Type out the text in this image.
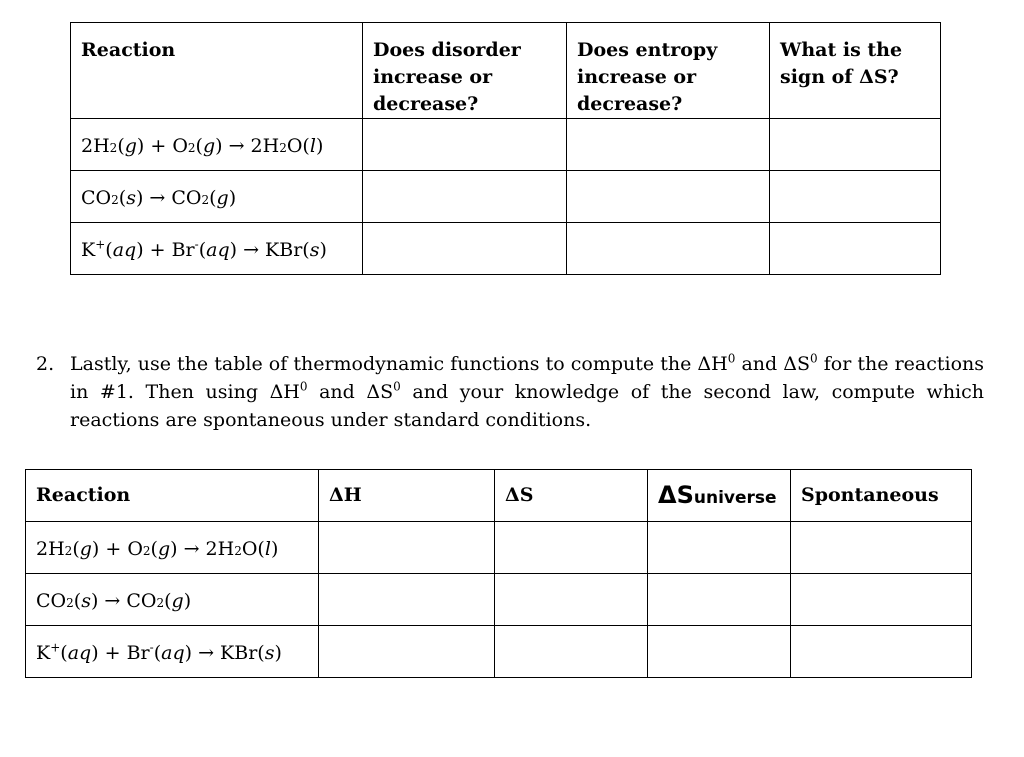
Reaction	Does disorder increase or decrease?	Does entropy increase or decrease?	What is the sign of ΔS?
2H2(g) + O2(g) → 2H2O(l)			
CO2(s) → CO2(g)			
K+(aq) + Br-(aq) → KBr(s)			
2. Lastly, use the table of thermodynamic functions to compute the $\Delta H^0$ and $\Delta S^0$ for the reactions in #1. Then using $\Delta H^0$ and $\Delta S^0$ and your knowledge of the second law, compute which reactions are spontaneous under standard conditions.
Reaction	ΔH	ΔS	ΔSuniverse	Spontaneous
2H2(g) + O2(g) → 2H2O(l)				
CO2(s) → CO2(g)				
K+(aq) + Br-(aq) → KBr(s)				
